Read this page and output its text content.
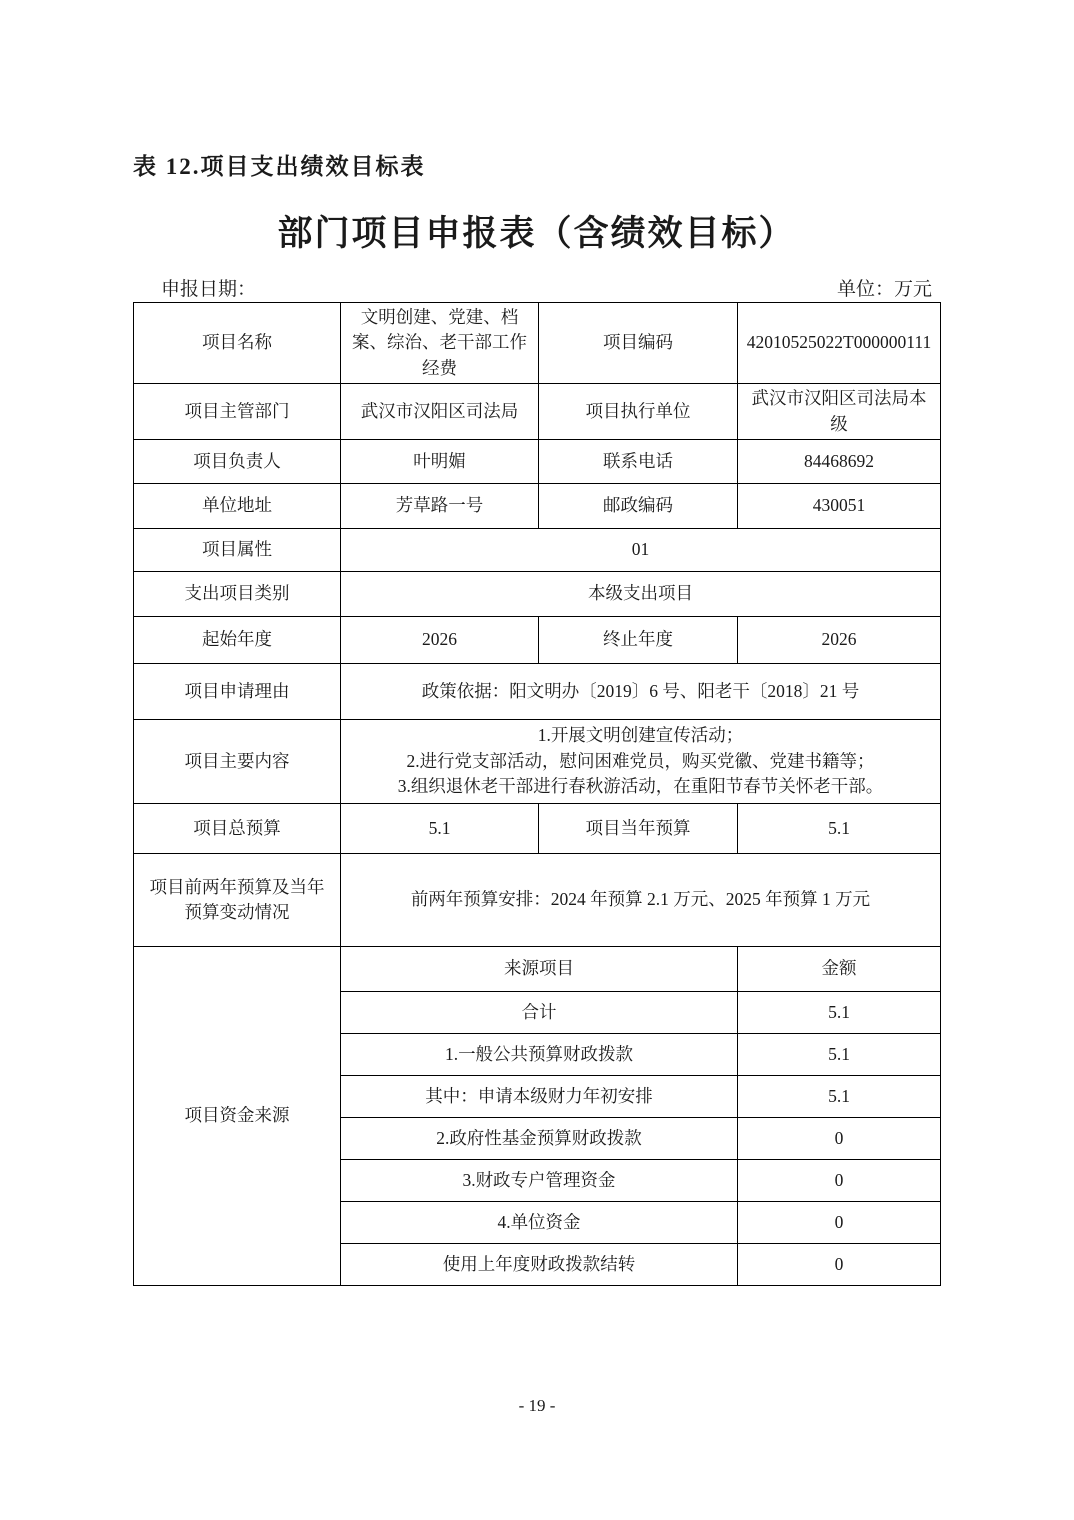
表 12.项目支出绩效目标表
部门项目申报表（含绩效目标）
申报日期：	单位：万元
项目名称	文明创建、党建、档案、综治、老干部工作经费	项目编码	42010525022T000000111
项目主管部门	武汉市汉阳区司法局	项目执行单位	武汉市汉阳区司法局本级
项目负责人	叶明媚	联系电话	84468692
单位地址	芳草路一号	邮政编码	430051
项目属性	01		
支出项目类别	本级支出项目		
起始年度	2026	终止年度	2026
项目申请理由	政策依据：阳文明办〔2019〕6 号、阳老干〔2018〕21 号		
项目主要内容	1.开展文明创建宣传活动；
2.进行党支部活动，慰问困难党员，购买党徽、党建书籍等；
3.组织退休老干部进行春秋游活动，在重阳节春节关怀老干部。		

项目总预算	5.1	项目当年预算	5.1
项目前两年预算及当年 预算变动情况	前两年预算安排：2024 年预算 2.1 万元、2025 年预算 1 万元		
项目资金来源	来源项目		金额
	合计		5.1
	1.一般公共预算财政拨款		5.1
	其中：申请本级财力年初安排		5.1
	2.政府性基金预算财政拨款		0
	3.财政专户管理资金		0
	4.单位资金		0
	使用上年度财政拨款结转		0
- 19 -
